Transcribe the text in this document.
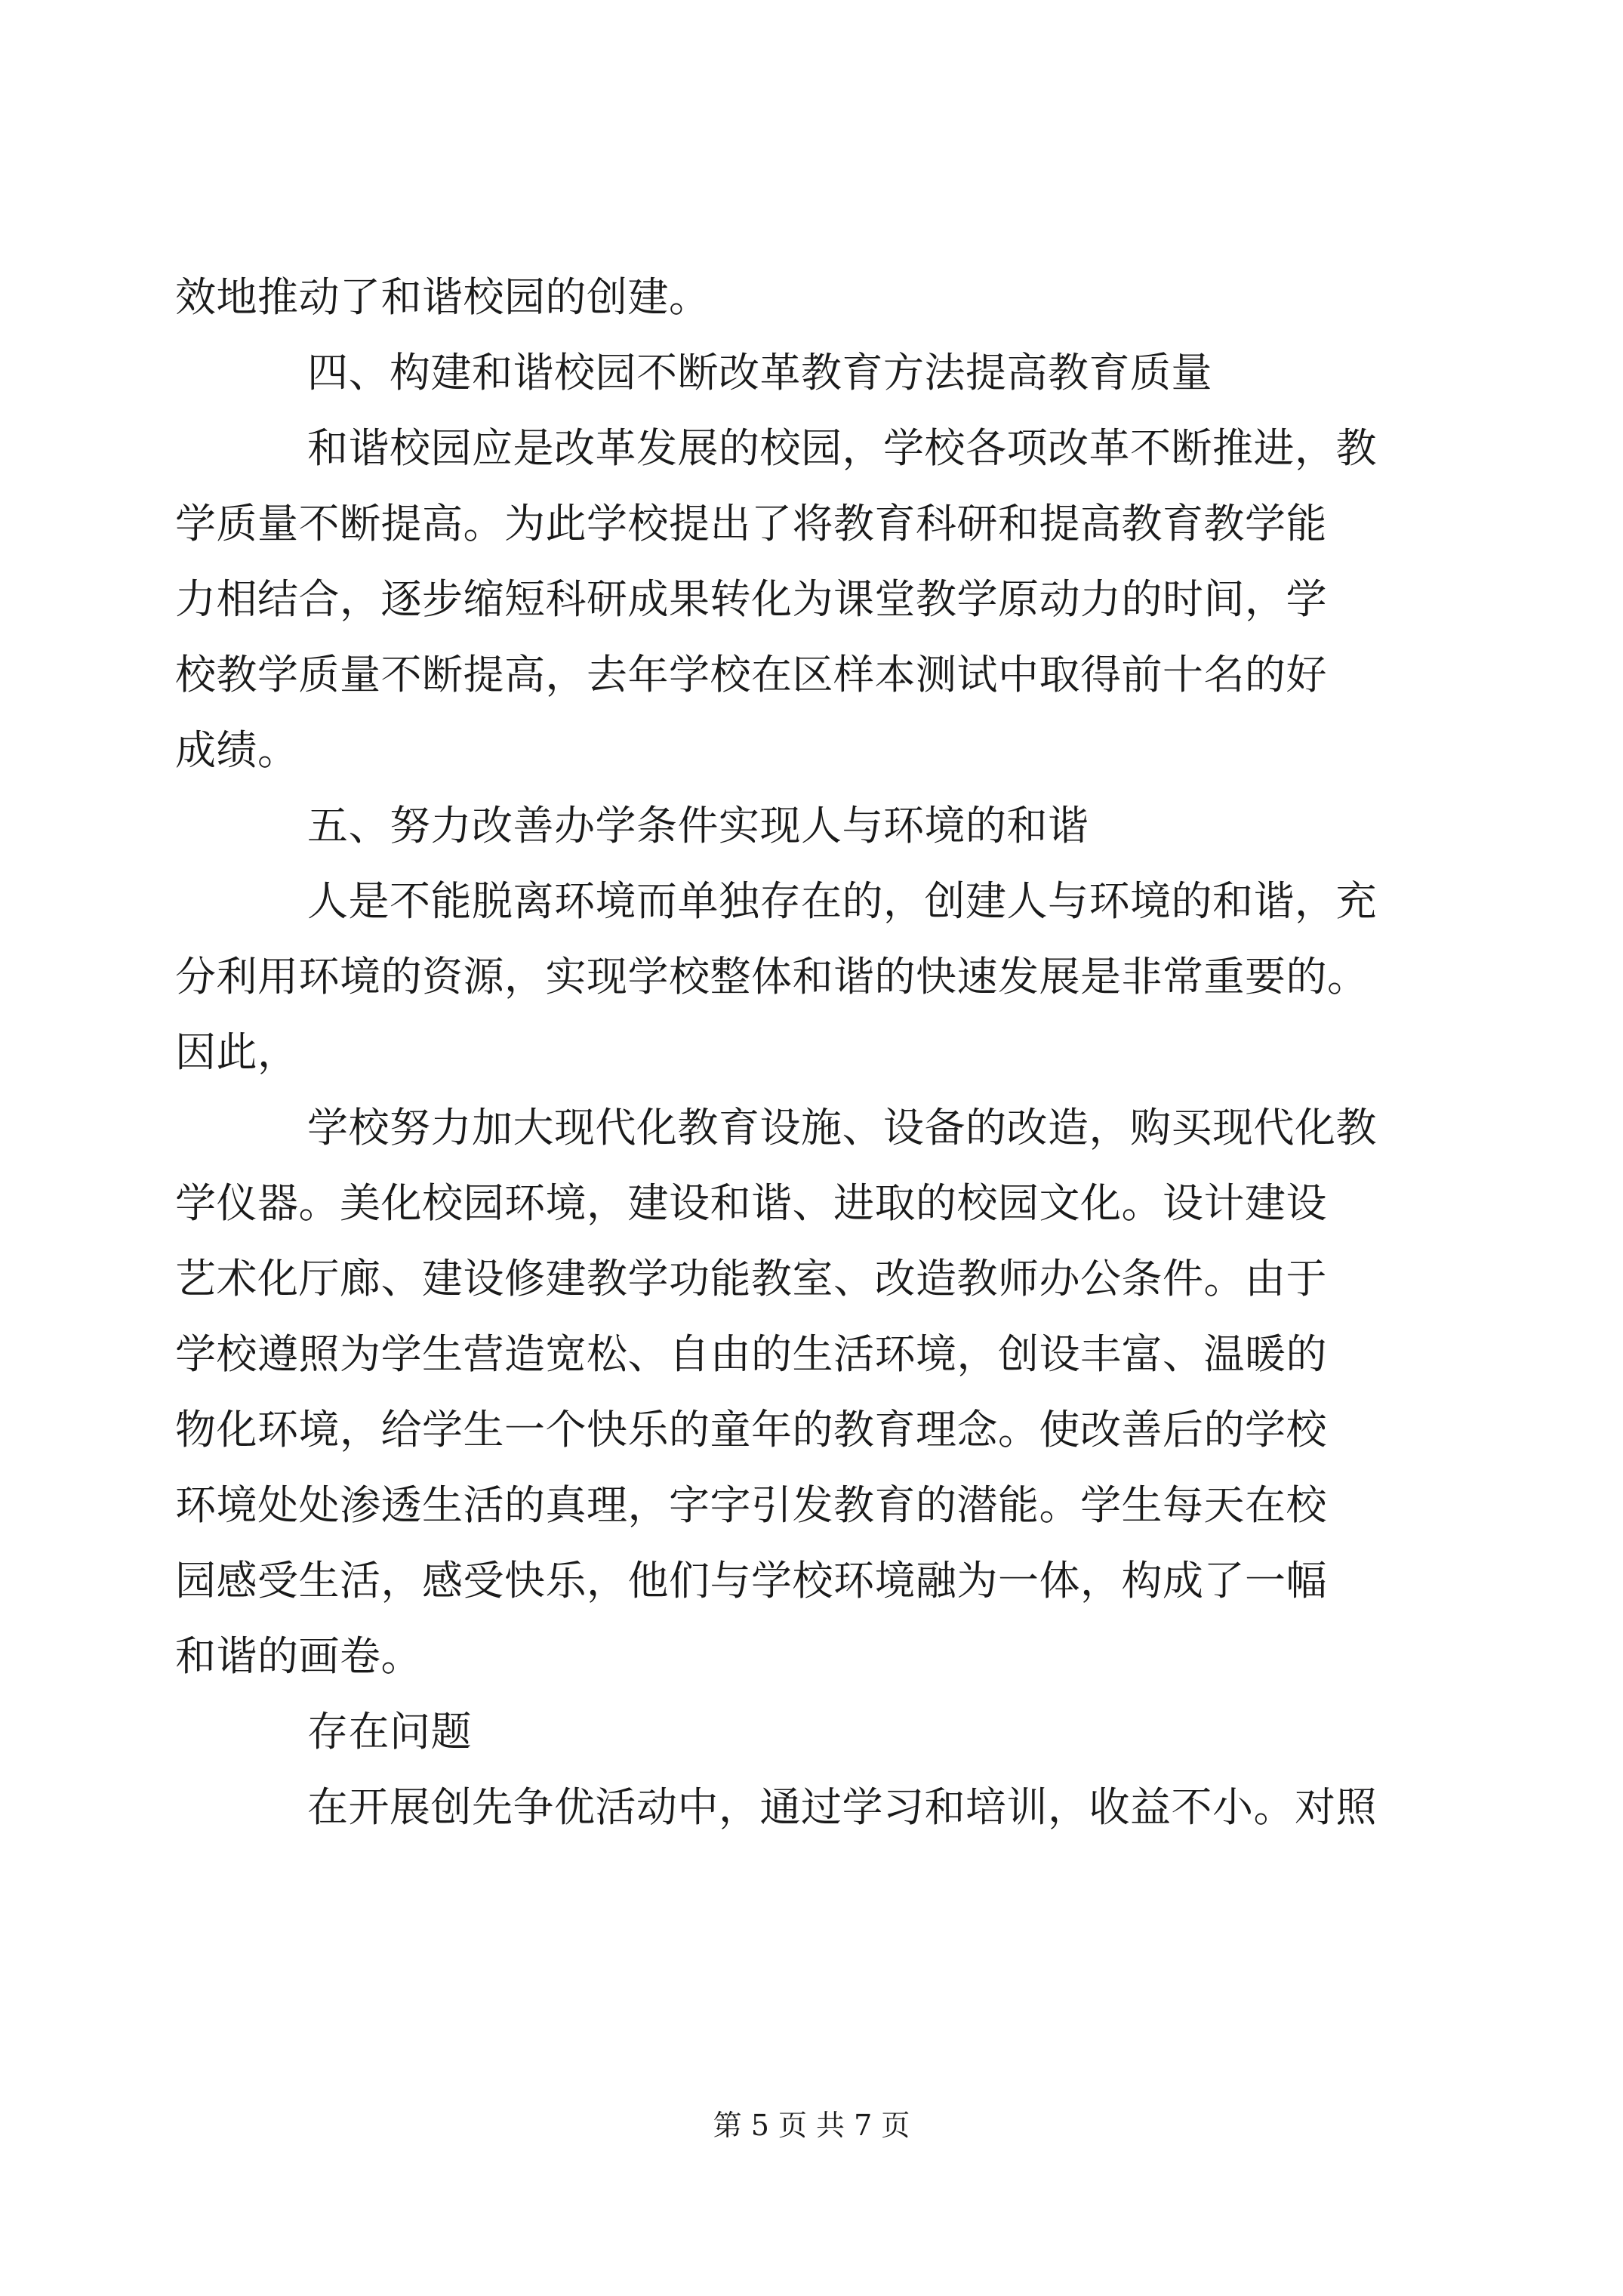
效地推动了和谐校园的创建。
四、构建和谐校园不断改革教育方法提高教育质量
和谐校园应是改革发展的校园，学校各项改革不断推进，教
学质量不断提高。为此学校提出了将教育科研和提高教育教学能
力相结合，逐步缩短科研成果转化为课堂教学原动力的时间，学
校教学质量不断提高，去年学校在区样本测试中取得前十名的好
成绩。
五、努力改善办学条件实现人与环境的和谐
人是不能脱离环境而单独存在的，创建人与环境的和谐，充
分利用环境的资源，实现学校整体和谐的快速发展是非常重要的。
因此，
学校努力加大现代化教育设施、设备的改造，购买现代化教
学仪器。美化校园环境，建设和谐、进取的校园文化。设计建设
艺术化厅廊、建设修建教学功能教室、改造教师办公条件。由于
学校遵照为学生营造宽松、自由的生活环境，创设丰富、温暖的
物化环境，给学生一个快乐的童年的教育理念。使改善后的学校
环境处处渗透生活的真理，字字引发教育的潜能。学生每天在校
园感受生活，感受快乐，他们与学校环境融为一体，构成了一幅
和谐的画卷。
存在问题
在开展创先争优活动中，通过学习和培训，收益不小。对照
第 5 页 共 7 页
